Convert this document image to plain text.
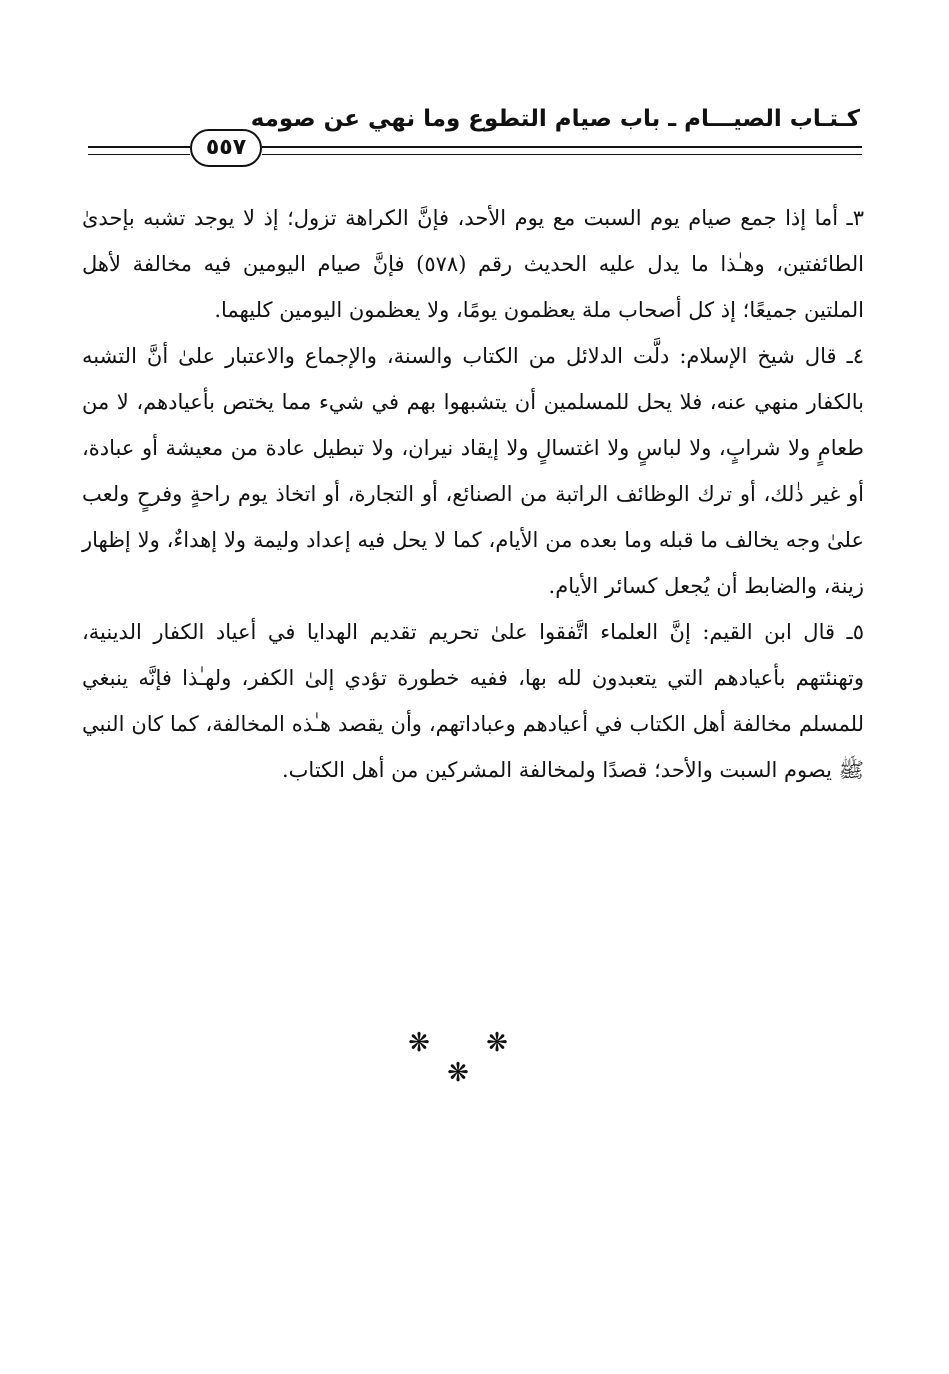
كـتـاب الصيـــام ـ باب صيام التطوع وما نهي عن صومه
٥٥٧

٣ـ أما إذا جمع صيام يوم السبت مع يوم الأحد، فإنَّ الكراهة تزول؛ إذ لا يوجد تشبه بإحدىٰ الطائفتين، وهـٰذا ما يدل عليه الحديث رقم (٥٧٨) فإنَّ صيام اليومين فيه مخالفة لأهل الملتين جميعًا؛ إذ كل أصحاب ملة يعظمون يومًا، ولا يعظمون اليومين كليهما.

٤ـ قال شيخ الإسلام: دلَّت الدلائل من الكتاب والسنة، والإجماع والاعتبار علىٰ أنَّ التشبه بالكفار منهي عنه، فلا يحل للمسلمين أن يتشبهوا بهم في شيء مما يختص بأعيادهم، لا من طعامٍ ولا شرابٍ، ولا لباسٍ ولا اغتسالٍ ولا إيقاد نيران، ولا تبطيل عادة من معيشة أو عبادة، أو غير ذٰلك، أو ترك الوظائف الراتبة من الصنائع، أو التجارة، أو اتخاذ يوم راحةٍ وفرحٍ ولعب علىٰ وجه يخالف ما قبله وما بعده من الأيام، كما لا يحل فيه إعداد وليمة ولا إهداءٌ، ولا إظهار زينة، والضابط أن يُجعل كسائر الأيام.

٥ـ قال ابن القيم: إنَّ العلماء اتَّفقوا علىٰ تحريم تقديم الهدايا في أعياد الكفار الدينية، وتهنئتهم بأعيادهم التي يتعبدون لله بها، ففيه خطورة تؤدي إلىٰ الكفر، ولهـٰذا فإنَّه ينبغي للمسلم مخالفة أهل الكتاب في أعيادهم وعباداتهم، وأن يقصد هـٰذه المخالفة، كما كان النبي ﷺ يصوم السبت والأحد؛ قصدًا ولمخالفة المشركين من أهل الكتاب.

❋ ❋ ❋
